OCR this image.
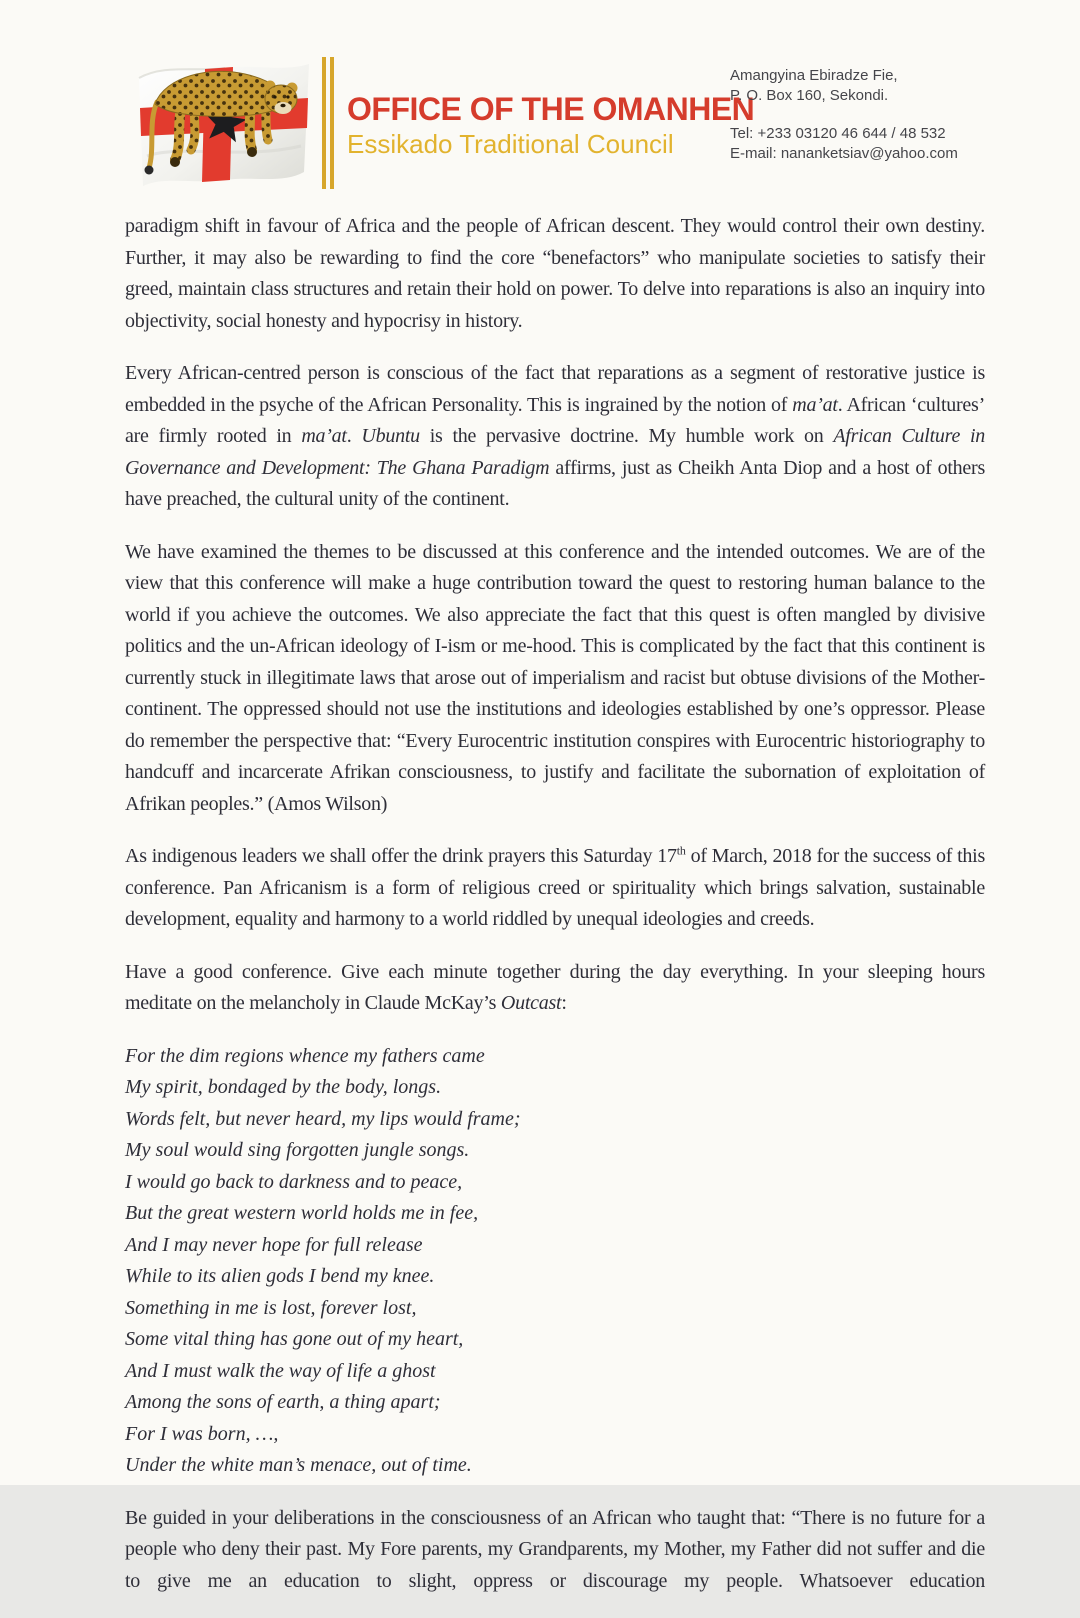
OFFICE OF THE OMANHEN
Essikado Traditional Council
Amangyina Ebiradze Fie,
P. O. Box 160, Sekondi.
Tel: +233 03120 46 644 / 48 532
E-mail: nananketsiav@yahoo.com

paradigm shift in favour of Africa and the people of African descent. They would control their own destiny. Further, it may also be rewarding to find the core “benefactors” who manipulate societies to satisfy their greed, maintain class structures and retain their hold on power. To delve into reparations is also an inquiry into objectivity, social honesty and hypocrisy in history.

Every African-centred person is conscious of the fact that reparations as a segment of restorative justice is embedded in the psyche of the African Personality. This is ingrained by the notion of ma’at. African ‘cultures’ are firmly rooted in ma’at. Ubuntu is the pervasive doctrine. My humble work on African Culture in Governance and Development: The Ghana Paradigm affirms, just as Cheikh Anta Diop and a host of others have preached, the cultural unity of the continent.

We have examined the themes to be discussed at this conference and the intended outcomes. We are of the view that this conference will make a huge contribution toward the quest to restoring human balance to the world if you achieve the outcomes. We also appreciate the fact that this quest is often mangled by divisive politics and the un-African ideology of I-ism or me-hood. This is complicated by the fact that this continent is currently stuck in illegitimate laws that arose out of imperialism and racist but obtuse divisions of the Mother-continent. The oppressed should not use the institutions and ideologies established by one’s oppressor. Please do remember the perspective that: “Every Eurocentric institution conspires with Eurocentric historiography to handcuff and incarcerate Afrikan consciousness, to justify and facilitate the subornation of exploitation of Afrikan peoples.” (Amos Wilson)

As indigenous leaders we shall offer the drink prayers this Saturday 17th of March, 2018 for the success of this conference. Pan Africanism is a form of religious creed or spirituality which brings salvation, sustainable development, equality and harmony to a world riddled by unequal ideologies and creeds.

Have a good conference. Give each minute together during the day everything. In your sleeping hours meditate on the melancholy in Claude McKay’s Outcast:

For the dim regions whence my fathers came
My spirit, bondaged by the body, longs.
Words felt, but never heard, my lips would frame;
My soul would sing forgotten jungle songs.
I would go back to darkness and to peace,
But the great western world holds me in fee,
And I may never hope for full release
While to its alien gods I bend my knee.
Something in me is lost, forever lost,
Some vital thing has gone out of my heart,
And I must walk the way of life a ghost
Among the sons of earth, a thing apart;
For I was born, …,
Under the white man’s menace, out of time.

Be guided in your deliberations in the consciousness of an African who taught that: “There is no future for a people who deny their past. My Fore parents, my Grandparents, my Mother, my Father did not suffer and die to give me an education to slight, oppress or discourage my people. Whatsoever education
